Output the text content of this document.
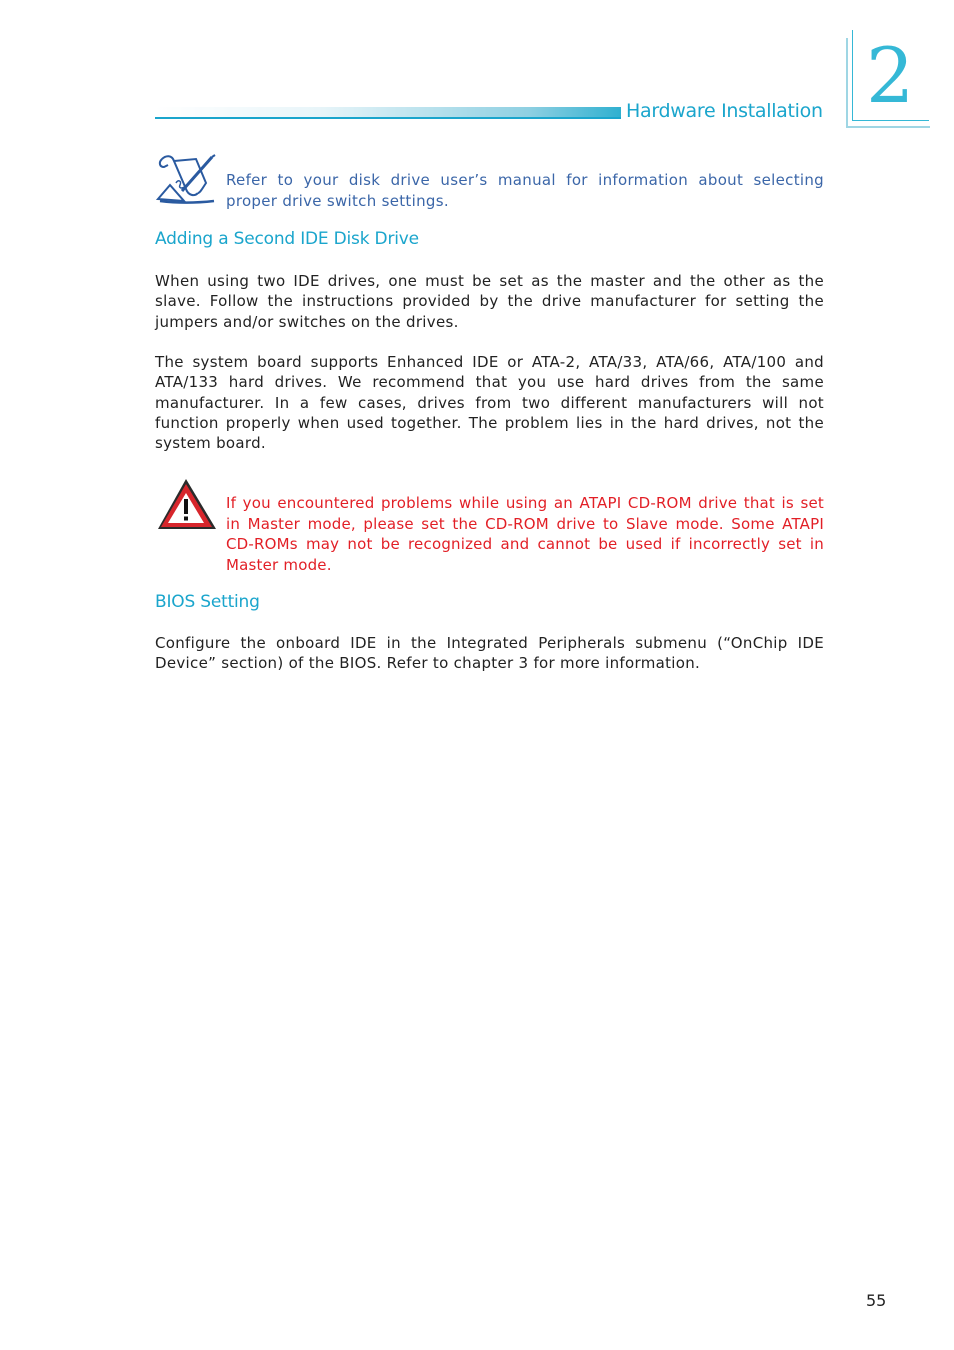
2
Hardware Installation
Refer to your disk drive user’s manual for information about selecting proper drive switch settings.
Adding a Second IDE Disk Drive
When using two IDE drives, one must be set as the master and the other as the slave. Follow the instructions provided by the drive manufacturer for setting the jumpers and/or switches on the drives.
The system board supports Enhanced IDE or ATA-2, ATA/33, ATA/66, ATA/100 and ATA/133 hard drives. We recommend that you use hard drives from the same manufacturer. In a few cases, drives from two different manufacturers will not function properly when used together. The problem lies in the hard drives, not the system board.
If you encountered problems while using an ATAPI CD-ROM drive that is set in Master mode, please set the CD-ROM drive to Slave mode. Some ATAPI CD-ROMs may not be recognized and cannot be used if incorrectly set in Master mode.
BIOS Setting
Configure the onboard IDE in the Integrated Peripherals submenu (“OnChip IDE Device” section) of the BIOS. Refer to chapter 3 for more information.
55
